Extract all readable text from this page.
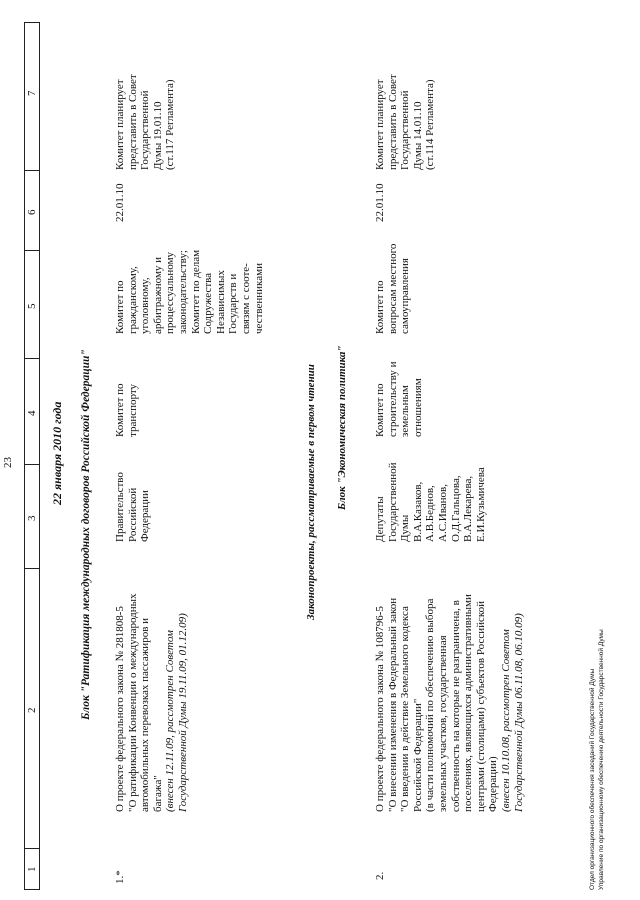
23
1
2
3
4
5
6
7
22 января 2010 года Блок "Ратификация международных договоров Российской Федерации"
1.*
О проекте федерального закона № 281808-5 "О ратификации Конвенции о международных автомобильных перевозках пассажиров и багажа" (внесен 12.11.09, рассмотрен Советом Государственной Думы 19.11.09, 01.12.09)
Правительство Российской Федерации
Комитет по транспорту
Комитет по гражданскому, уголовному, арбитражному и процессуальному законодательству; Комитет по делам Содружества Независимых Государств и связям с сооте- чественниками
22.01.10
Комитет планирует представить в Совет Государственной Думы 19.01.10 (ст.117 Регламента)
Законопроекты, рассматриваемые в первом чтении Блок "Экономическая политика"
2.
О проекте федерального закона № 108796-5 "О внесении изменения в Федеральный закон "О введении в действие Земельного кодекса Российской Федерации" (в части полномочий по обеспечению выбора земельных участков, государственная собственность на которые не разграничена, в поселениях, являющихся административными центрами (столицами) субъектов Российской Федерации) (внесен 10.10.08, рассмотрен Советом Государственной Думы 06.11.08, 06.10.09)
Депутаты Государственной Думы В.А.Казаков, А.В.Беднов, А.С.Иванов, О.Д.Гальцова, В.А.Лекарева, Е.И.Кузьмичева
Комитет по строительству и земельным отношениям
Комитет по вопросам местного самоуправления
22.01.10
Комитет планирует представить в Совет Государственной Думы 14.01.10 (ст.114 Регламента)
Отдел организационного обеспечения заседаний Государственной Думы Управление по организационному обеспечению деятельности Государственной Думы
